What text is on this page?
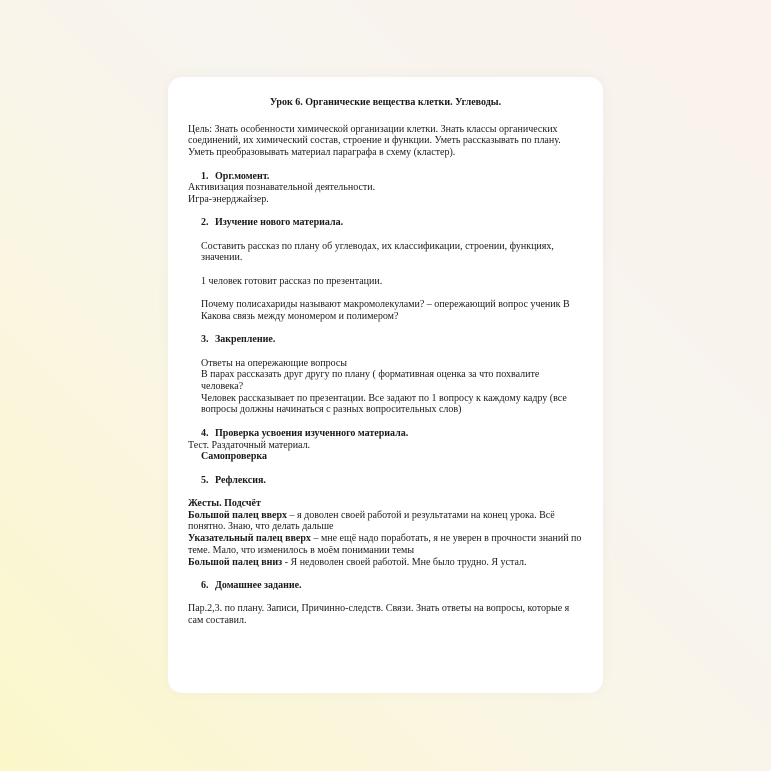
Урок 6. Органические вещества клетки. Углеводы.

Цель: Знать особенности химической организации клетки. Знать классы органических соединений, их химический состав, строение и функции. Уметь рассказывать по плану. Уметь преобразовывать материал параграфа в схему (кластер).

1. Орг.момент.

Активизация познавательной деятельности.

Игра-энерджайзер.

2. Изучение нового материала.

Составить рассказ по плану об углеводах, их классификации, строении, функциях, значении.

1 человек готовит рассказ по презентации.

Почему полисахариды называют макромолекулами? – опережающий вопрос ученик В Какова связь между мономером и полимером?

3. Закрепление.

Ответы на опережающие вопросы

В парах рассказать друг другу по плану ( формативная оценка за что похвалите человека?

Человек рассказывает по презентации. Все задают по 1 вопросу к каждому кадру (все вопросы должны начинаться с разных вопросительных слов)

4. Проверка усвоения изученного материала.

Тест. Раздаточный материал.

Самопроверка

5. Рефлексия.

Жесты. Подсчёт

Большой палец вверх – я доволен своей работой и результатами на конец урока. Всё понятно. Знаю, что делать дальше

Указательный палец вверх – мне ещё надо поработать, я не уверен в прочности знаний по теме. Мало, что изменилось в моём понимании темы

Большой палец вниз - Я недоволен своей работой. Мне было трудно. Я устал.

6. Домашнее задание.

Пар.2,3. по плану. Записи, Причинно-следств. Связи. Знать ответы на вопросы, которые я сам составил.
